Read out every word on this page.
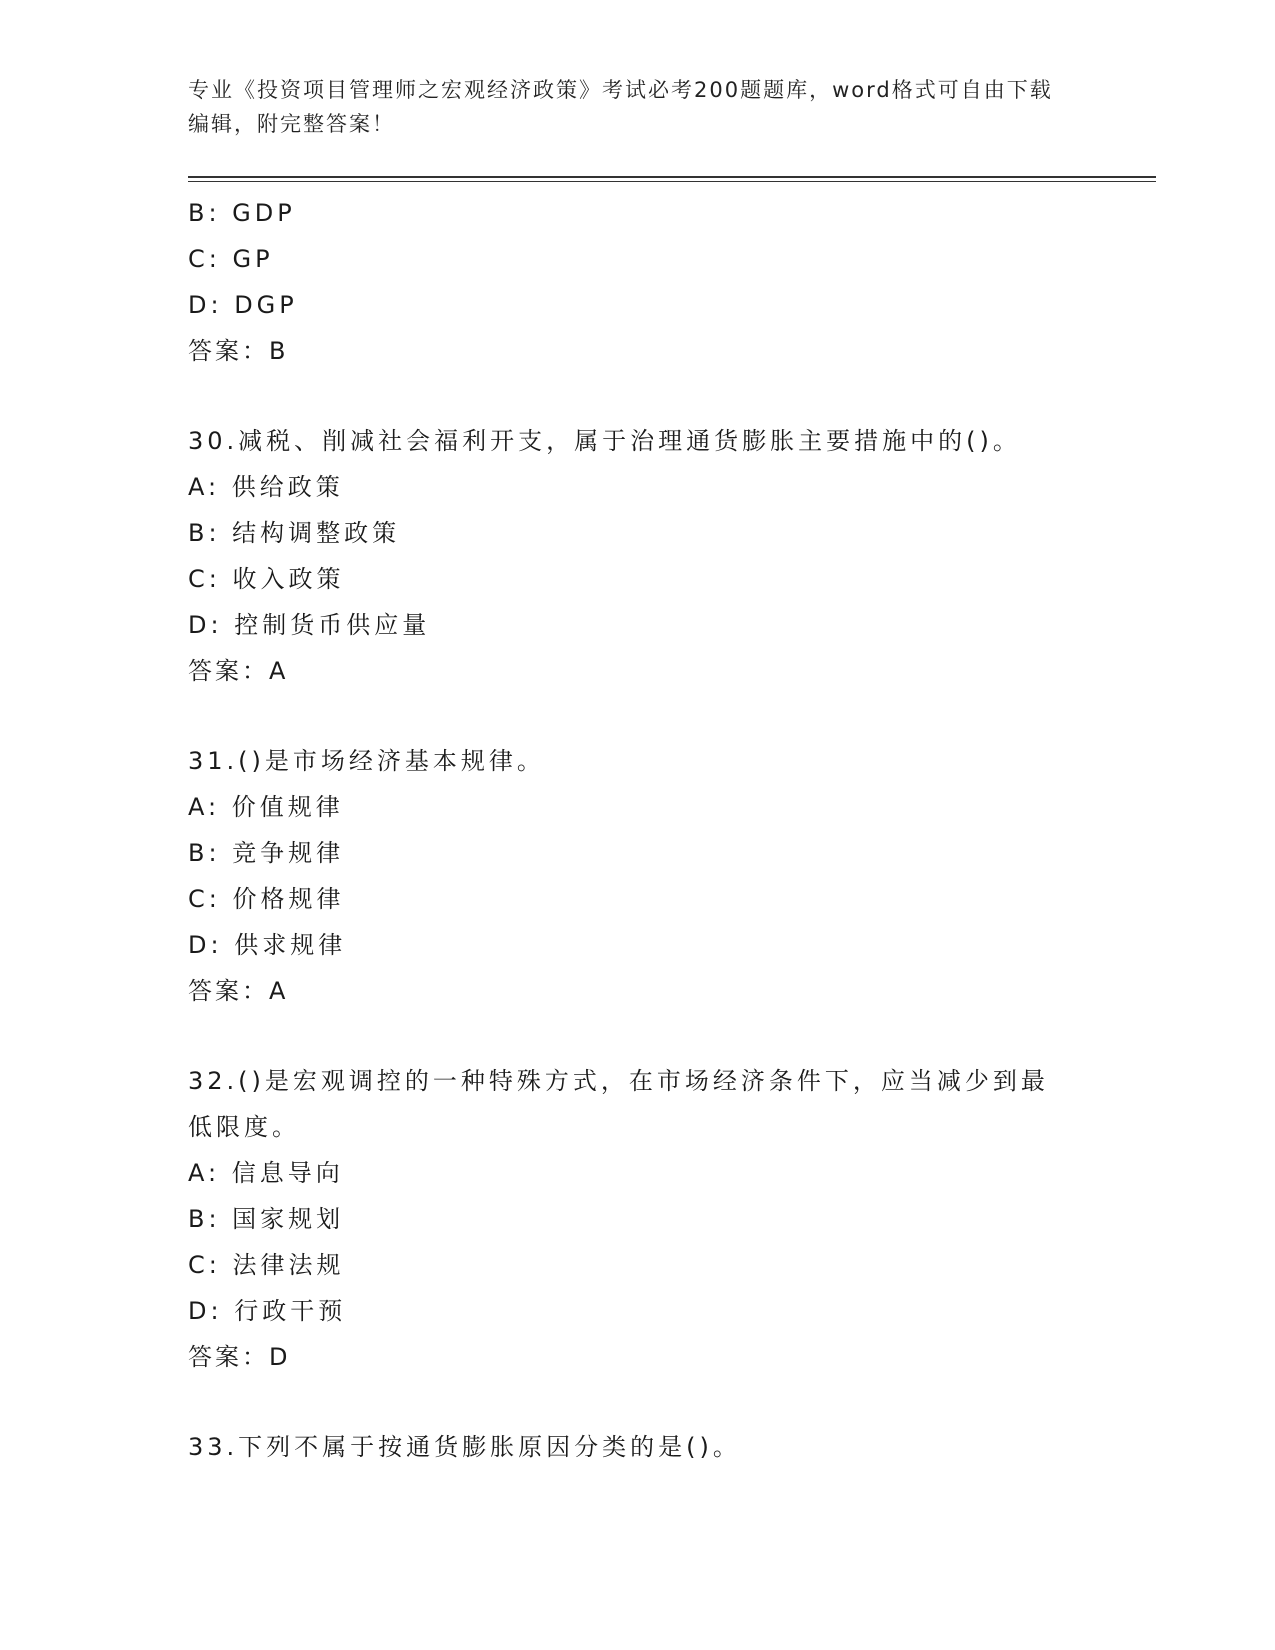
专业《投资项目管理师之宏观经济政策》考试必考200题题库，word格式可自由下载编辑，附完整答案！
B: GDP
C: GP
D: DGP
答案：B
30.减税、削减社会福利开支，属于治理通货膨胀主要措施中的()。
A: 供给政策
B: 结构调整政策
C: 收入政策
D: 控制货币供应量
答案：A
31.()是市场经济基本规律。
A: 价值规律
B: 竞争规律
C: 价格规律
D: 供求规律
答案：A
32.()是宏观调控的一种特殊方式，在市场经济条件下，应当减少到最低限度。
A: 信息导向
B: 国家规划
C: 法律法规
D: 行政干预
答案：D
33.下列不属于按通货膨胀原因分类的是()。
